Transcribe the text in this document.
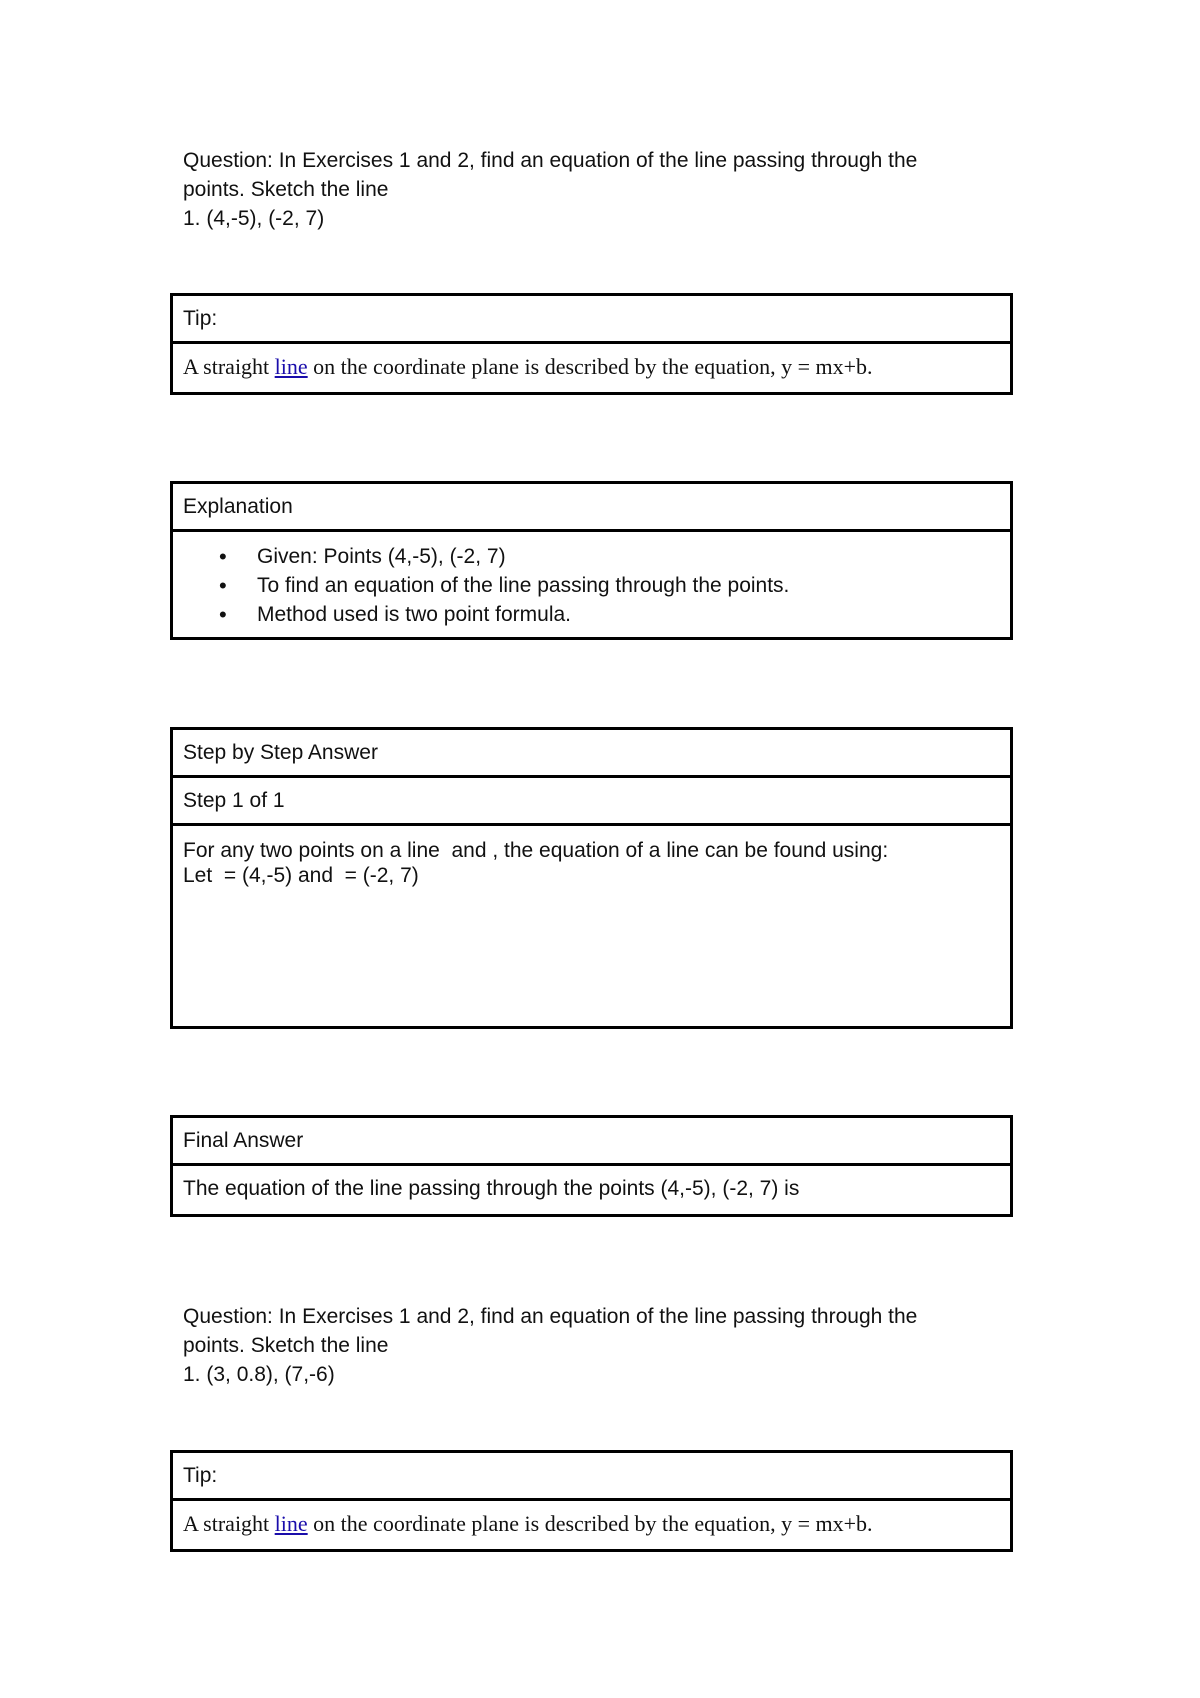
Question: In Exercises 1 and 2, find an equation of the line passing through the
points. Sketch the line
1. (4,-5), (-2, 7)
Tip:
A straight line on the coordinate plane is described by the equation, y = mx+b.
Explanation
• Given: Points (4,-5), (-2, 7)
• To find an equation of the line passing through the points.
• Method used is two point formula.
Step by Step Answer
Step 1 of 1
For any two points on a line  and , the equation of a line can be found using:
Let  = (4,-5) and  = (-2, 7)
Final Answer
The equation of the line passing through the points (4,-5), (-2, 7) is
Question: In Exercises 1 and 2, find an equation of the line passing through the
points. Sketch the line
1. (3, 0.8), (7,-6)
Tip:
A straight line on the coordinate plane is described by the equation, y = mx+b.
